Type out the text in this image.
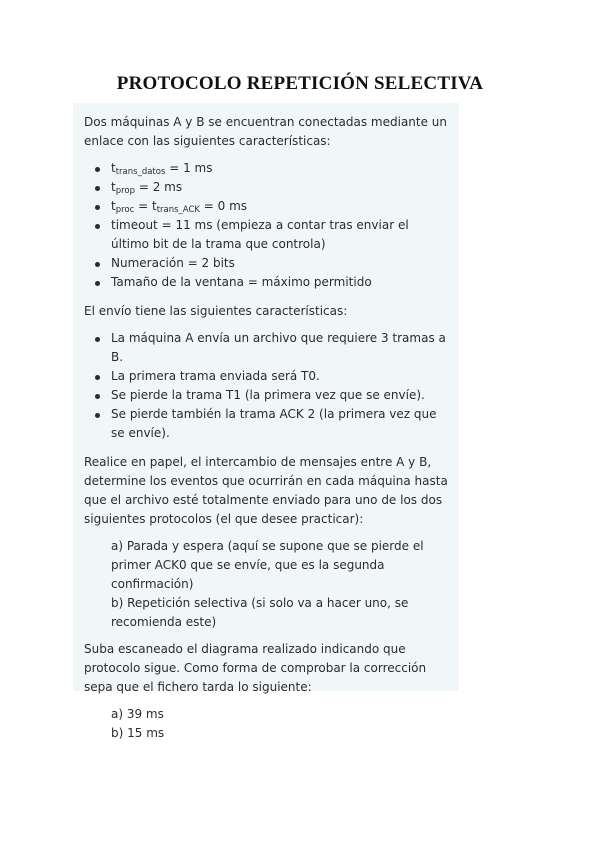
PROTOCOLO REPETICIÓN SELECTIVA

Dos máquinas A y B se encuentran conectadas mediante un enlace con las siguientes características:

$t_{trans\_datos} = 1$ ms
$t_{prop} = 2$ ms
$t_{proc} = t_{trans\_ACK} = 0$ ms
timeout = 11 ms (empieza a contar tras enviar el último bit de la trama que controla)
Numeración = 2 bits
Tamaño de la ventana = máximo permitido

El envío tiene las siguientes características:

La máquina A envía un archivo que requiere 3 tramas a B.
La primera trama enviada será T0.
Se pierde la trama T1 (la primera vez que se envíe).
Se pierde también la trama ACK 2 (la primera vez que se envíe).

Realice en papel, el intercambio de mensajes entre A y B, determine los eventos que ocurrirán en cada máquina hasta que el archivo esté totalmente enviado para uno de los dos siguientes protocolos (el que desee practicar):

a) Parada y espera (aquí se supone que se pierde el primer ACK0 que se envíe, que es la segunda confirmación)
b) Repetición selectiva (si solo va a hacer uno, se recomienda este)

Suba escaneado el diagrama realizado indicando que protocolo sigue. Como forma de comprobar la corrección sepa que el fichero tarda lo siguiente:

a) 39 ms
b) 15 ms
